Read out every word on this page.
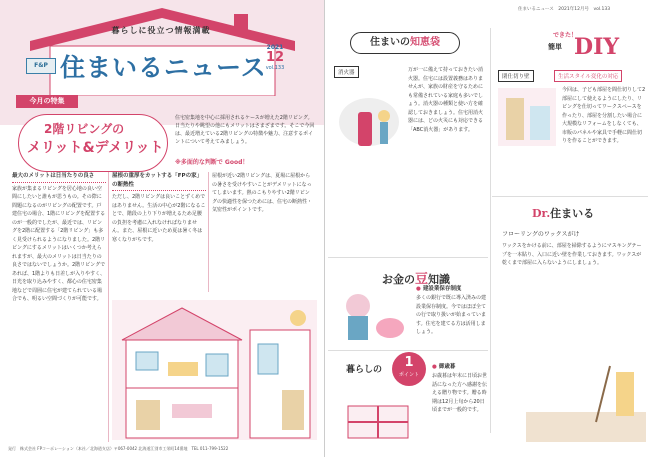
暮らしに役立つ情報満載
F&P 住まいるニュース
2021
12
vol.133
今月の特集
2階リビングの
メリット&デメリット
住宅密集地を中心に採用されるケースが増えた2階リビング。日当たりや眺望の他にもメリットはさまざまです。そこで今回は、最近増えている2階リビングの特徴や魅力、注意するポイントについて考えてみましょう。
※多面的な判断で Good！
最大のメリットは日当たりの良さ

家族が集まるリビングを居心地の良い空間にしたいと誰もが思うもの。その際に問題になるのがリビングの配置です。戸建住宅の場合、1階にリビングを配置するのが一般的でしたが、最近では、リビングを2階に配置する「2階リビング」も多く見受けられるようになりました。2階リビングにするメリットはいくつか考えられますが、最大のメリットは日当たりの良さではないでしょうか。2階リビングであれば、1階よりも日差しが入りやすく、日光を取り込みやすく、都心の住宅密集地などで周囲に住宅が建てられている場合でも、明るい空間づくりが可能です。

屋根の重厚をカットする「FPの家」の断熱性

ただし、2階リビングは良いことずくめではありません。生活の中心が2階になることで、階段の上り下りが増えるため足腰の負担を考慮に入れなければなりません。また、屋根に近いため夏は暑く冬は寒くなりがちです。

屋根が近い2階リビングは、夏場に屋根からの暑さを受けやすいことがデメリットになってしまいます。熱のこもりやすい2階リビングの快適性を保つためには、住宅の断熱性・気密性がポイントです。

発行　株式会社 FPコーポレーション（本社／北海道支店）〒067-0042 北海道江別市工栄町14番地　TEL 011-799-1522
住まいるニュース　2021年12月号　vol.133
住まいの知恵袋
消火器	万が一に備えて持っておきたい消火器。住宅には設置義務はありませんが、家族の財産を守るためにも常備されている家庭も多いでしょう。消火器の種類と使い方を確認しておきましょう。住宅用消火器には、どの火災にも対応できる「ABC消火器」があります。
できた！
簡単 DIY
閉仕切り壁	生活スタイル変化の対応
今回は、子ども部屋を間仕切りして2部屋にして使えるようにしたり、リビングを仕切ってワークスペースを作ったり、部屋を分割したい場合に大規模なリフォームをしなくても、市販のパネルや家具で手軽に間仕切りを作ることができます。
お金の豆知識
● 建設業保存制度
多くの銀行で既に導入済みの建設業保存制度。今ではほぼ全ての行で取り扱いが始まっています。住宅を建てる方は活用しましょう。
暮らしの	1
ポイント
● 御歳暮
お歳暮は年末に日頃お世話になった方へ感謝を伝える贈り物です。贈る時期は12月上旬から20日頃までが一般的です。
Dr.住まいる
フローリングのワックスがけ
ワックスをかける前に、部屋を掃除するようにマスキングテープを一本貼り、入口に近い壁を作業しておきます。ワックスが乾くまで部屋に入らないようにしましょう。
